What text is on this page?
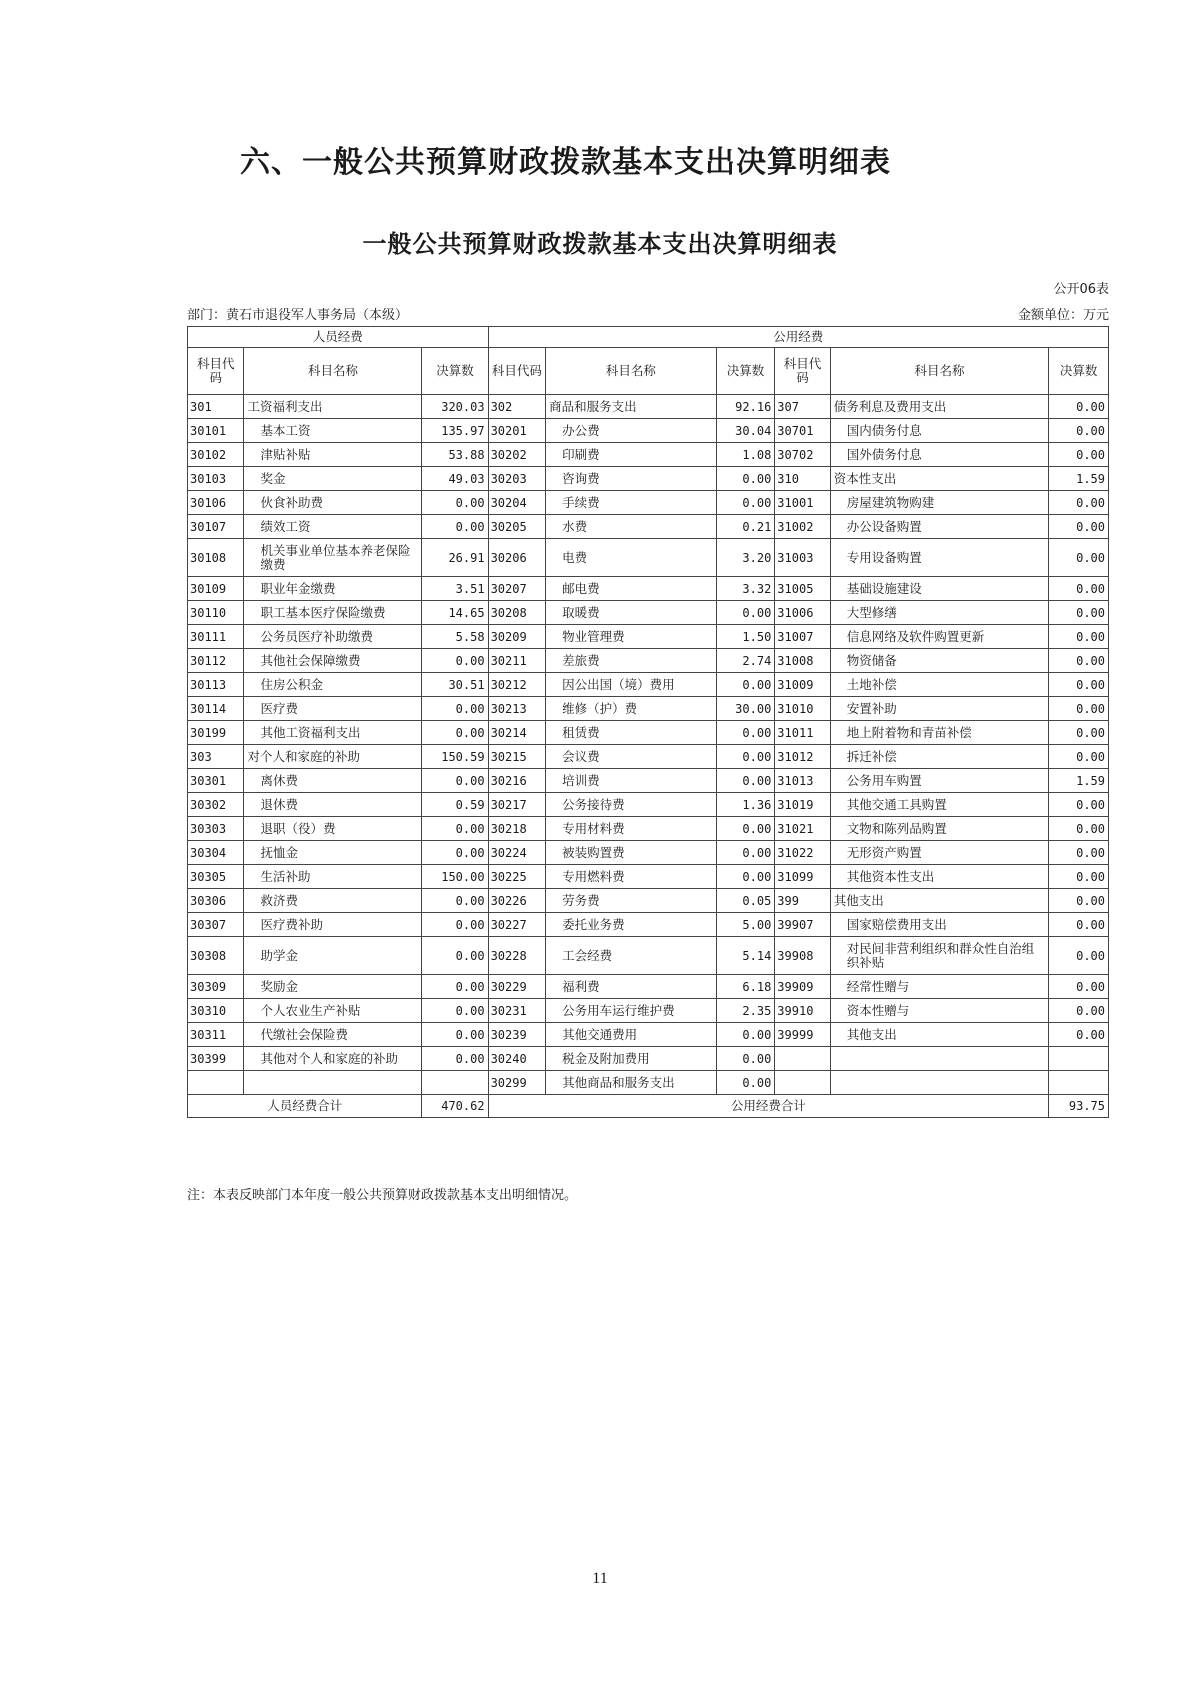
六、一般公共预算财政拨款基本支出决算明细表
一般公共预算财政拨款基本支出决算明细表
公开06表
部门：黄石市退役军人事务局（本级）	金额单位：万元
人员经费			公用经费					
科目代码	科目名称	决算数	科目代码	科目名称	决算数	科目代码	科目名称	决算数
301	工资福利支出	320.03	302	商品和服务支出	92.16	307	债务利息及费用支出	0.00
30101	基本工资	135.97	30201	办公费	30.04	30701	国内债务付息	0.00
30102	津贴补贴	53.88	30202	印刷费	1.08	30702	国外债务付息	0.00
30103	奖金	49.03	30203	咨询费	0.00	310	资本性支出	1.59
30106	伙食补助费	0.00	30204	手续费	0.00	31001	房屋建筑物购建	0.00
30107	绩效工资	0.00	30205	水费	0.21	31002	办公设备购置	0.00
30108	机关事业单位基本养老保险缴费	26.91	30206	电费	3.20	31003	专用设备购置	0.00
30109	职业年金缴费	3.51	30207	邮电费	3.32	31005	基础设施建设	0.00
30110	职工基本医疗保险缴费	14.65	30208	取暖费	0.00	31006	大型修缮	0.00
30111	公务员医疗补助缴费	5.58	30209	物业管理费	1.50	31007	信息网络及软件购置更新	0.00
30112	其他社会保障缴费	0.00	30211	差旅费	2.74	31008	物资储备	0.00
30113	住房公积金	30.51	30212	因公出国（境）费用	0.00	31009	土地补偿	0.00
30114	医疗费	0.00	30213	维修（护）费	30.00	31010	安置补助	0.00
30199	其他工资福利支出	0.00	30214	租赁费	0.00	31011	地上附着物和青苗补偿	0.00
303	对个人和家庭的补助	150.59	30215	会议费	0.00	31012	拆迁补偿	0.00
30301	离休费	0.00	30216	培训费	0.00	31013	公务用车购置	1.59
30302	退休费	0.59	30217	公务接待费	1.36	31019	其他交通工具购置	0.00
30303	退职（役）费	0.00	30218	专用材料费	0.00	31021	文物和陈列品购置	0.00
30304	抚恤金	0.00	30224	被装购置费	0.00	31022	无形资产购置	0.00
30305	生活补助	150.00	30225	专用燃料费	0.00	31099	其他资本性支出	0.00
30306	救济费	0.00	30226	劳务费	0.05	399	其他支出	0.00
30307	医疗费补助	0.00	30227	委托业务费	5.00	39907	国家赔偿费用支出	0.00
30308	助学金	0.00	30228	工会经费	5.14	39908	对民间非营利组织和群众性自治组织补贴	0.00
30309	奖励金	0.00	30229	福利费	6.18	39909	经常性赠与	0.00
30310	个人农业生产补贴	0.00	30231	公务用车运行维护费	2.35	39910	资本性赠与	0.00
30311	代缴社会保险费	0.00	30239	其他交通费用	0.00	39999	其他支出	0.00
30399	其他对个人和家庭的补助	0.00	30240	税金及附加费用	0.00			
			30299	其他商品和服务支出	0.00			
人员经费合计		470.62	公用经费合计					93.75
注：本表反映部门本年度一般公共预算财政拨款基本支出明细情况。
11
